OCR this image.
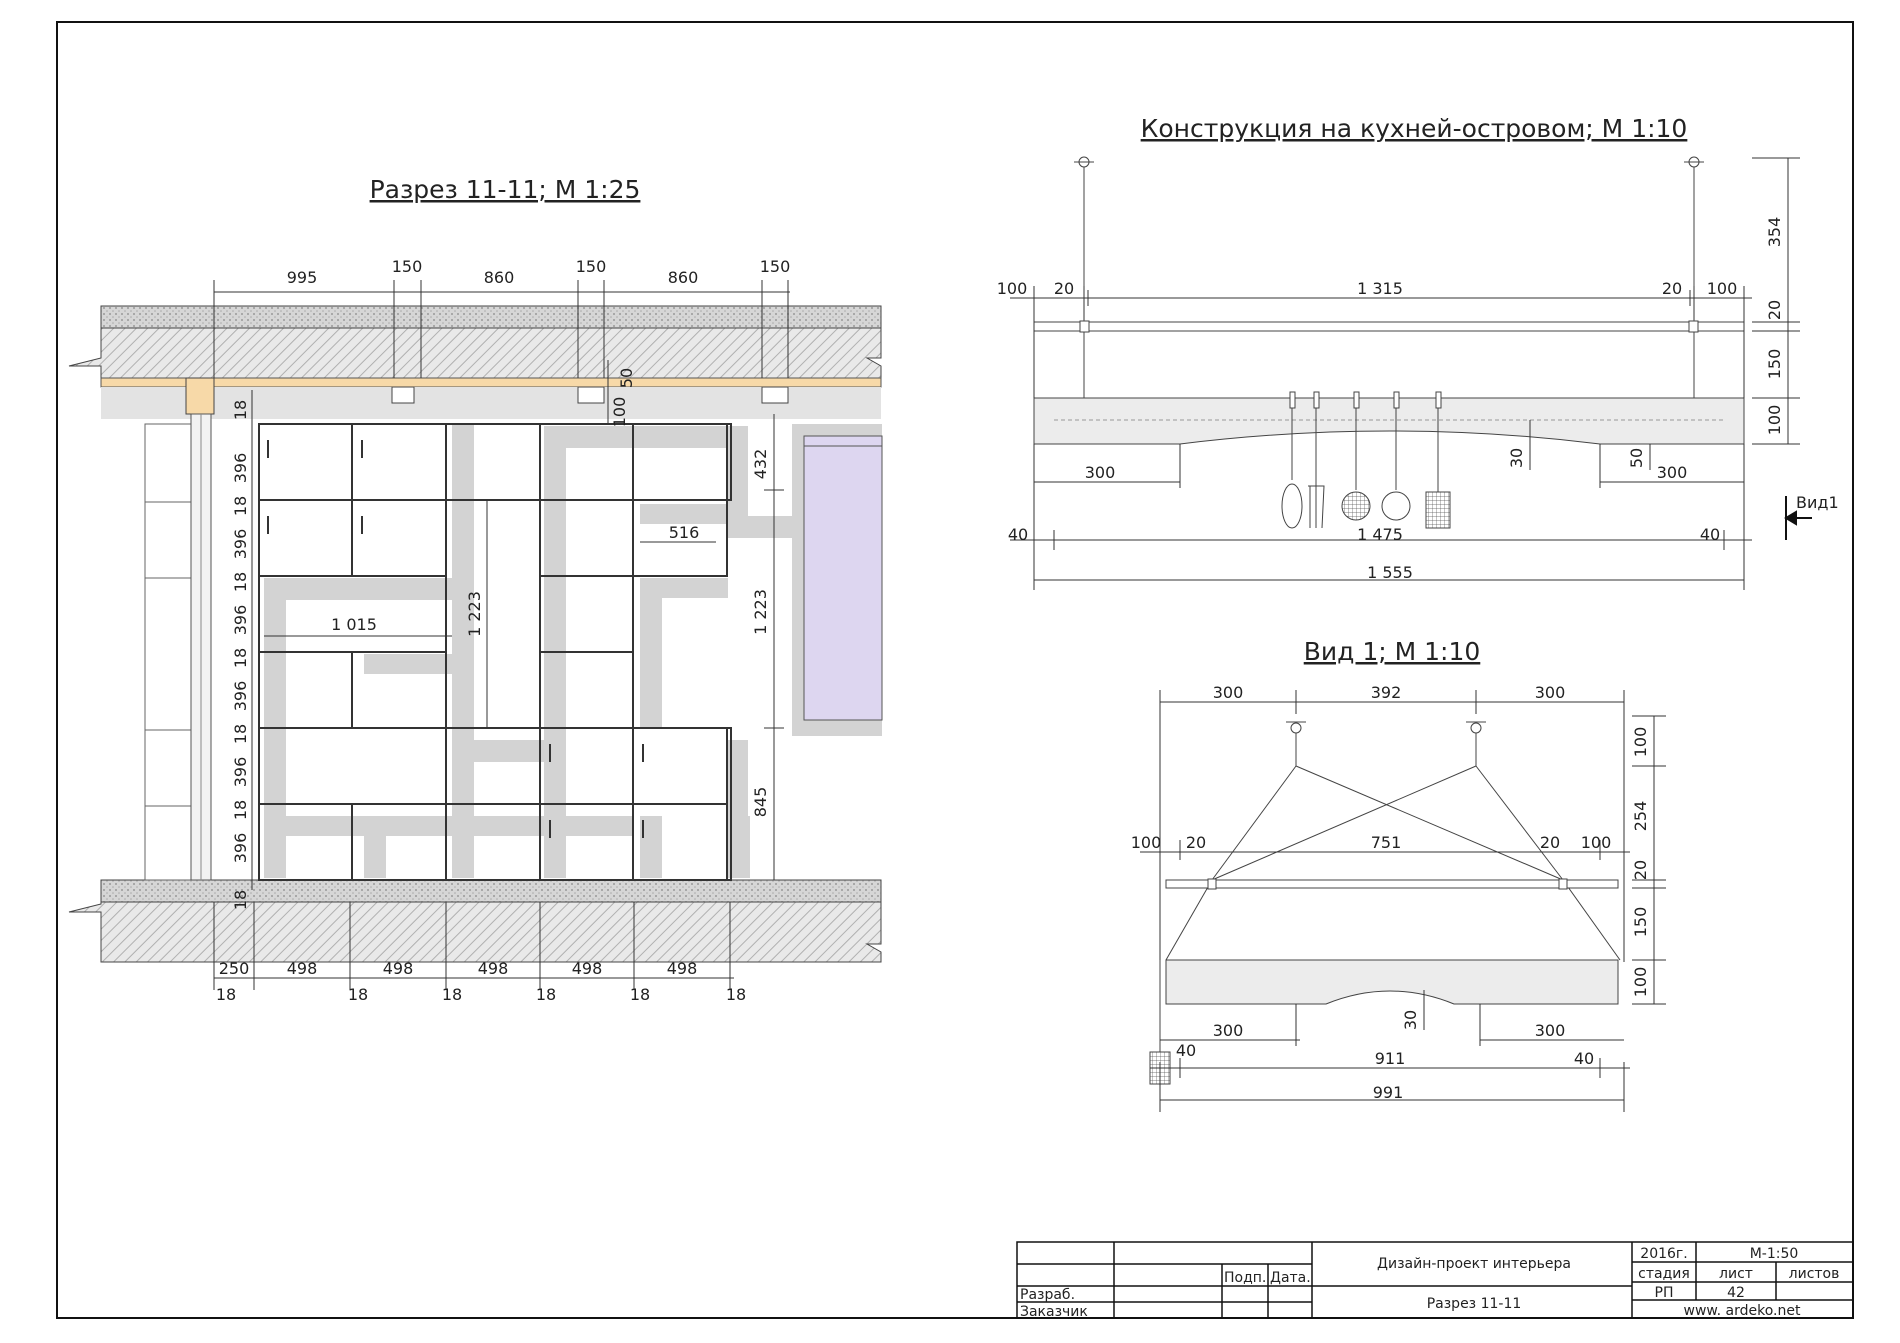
Разрез 11-11; М 1:25
995
150
860
150
860
150
50
100
396
396
396
396
396
396
18
18
18
18
18
18
18
432
1 223
845
516
1 015	1 223
250 498	498	498	498	498
18	18	18	18	18	18
Конструкция на кухней-островом; М 1:10
100 20	1 315	20 100
354
20
150
100
300	300
30	50
40	1 475	40
1 555
Вид1
Вид 1; М 1:10
300	392	300
100 20	751	20 100
100
254
20
150
100
300	300
30
40	911	40
991
Подп. Дата.
Разраб.
Заказчик
Дизайн-проект интерьера
Разрез 11-11
2016г.	М-1:50
стадия лист	листов
РП	42
www. ardeko.net
